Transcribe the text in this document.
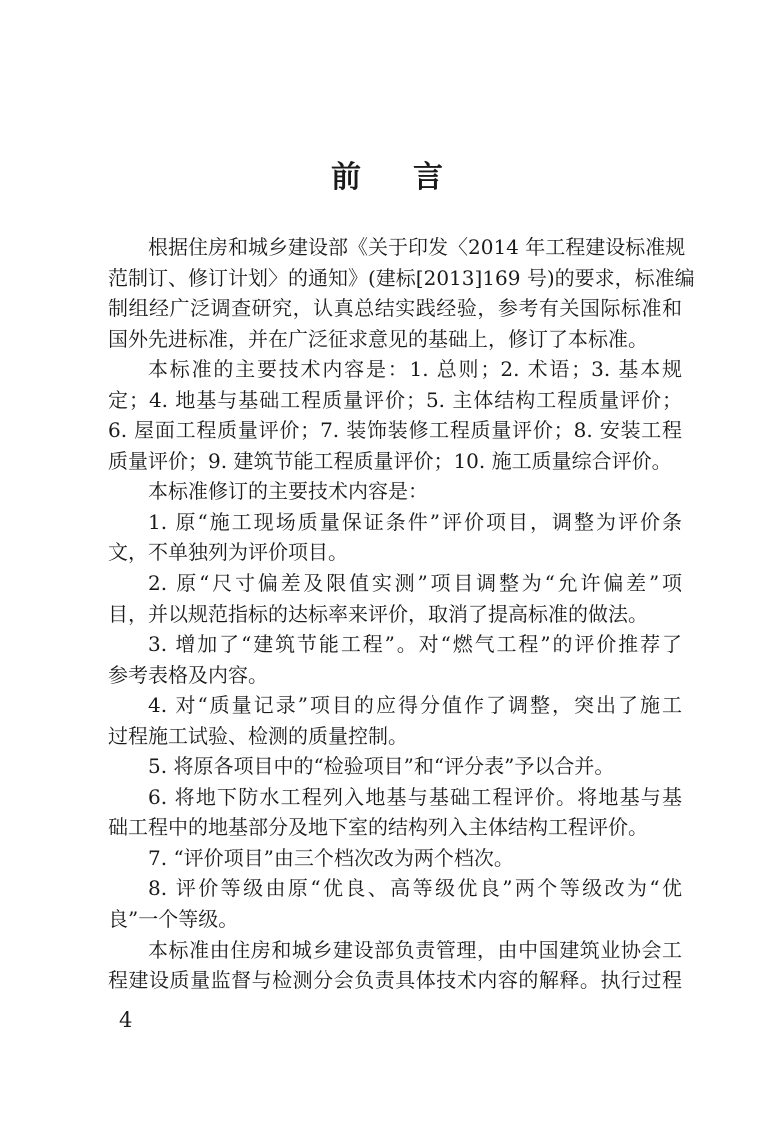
前言
根据住房和城乡建设部《关于印发〈2014 年工程建设标准规
范制订、修订计划〉的通知》(建标[2013]169 号)的要求，标准编
制组经广泛调查研究，认真总结实践经验，参考有关国际标准和
国外先进标准，并在广泛征求意见的基础上，修订了本标准。
本标准的主要技术内容是：1. 总则；2. 术语；3. 基本规
定；4. 地基与基础工程质量评价；5. 主体结构工程质量评价；
6. 屋面工程质量评价；7. 装饰装修工程质量评价；8. 安装工程
质量评价；9. 建筑节能工程质量评价；10. 施工质量综合评价。
本标准修订的主要技术内容是：
1. 原“施工现场质量保证条件”评价项目，调整为评价条
文，不单独列为评价项目。
2. 原“尺寸偏差及限值实测”项目调整为“允许偏差”项
目，并以规范指标的达标率来评价，取消了提高标准的做法。
3. 增加了“建筑节能工程”。对“燃气工程”的评价推荐了
参考表格及内容。
4. 对“质量记录”项目的应得分值作了调整，突出了施工
过程施工试验、检测的质量控制。
5. 将原各项目中的“检验项目”和“评分表”予以合并。
6. 将地下防水工程列入地基与基础工程评价。将地基与基
础工程中的地基部分及地下室的结构列入主体结构工程评价。
7. “评价项目”由三个档次改为两个档次。
8. 评价等级由原“优良、高等级优良”两个等级改为“优
良”一个等级。
本标准由住房和城乡建设部负责管理，由中国建筑业协会工
程建设质量监督与检测分会负责具体技术内容的解释。执行过程
4
